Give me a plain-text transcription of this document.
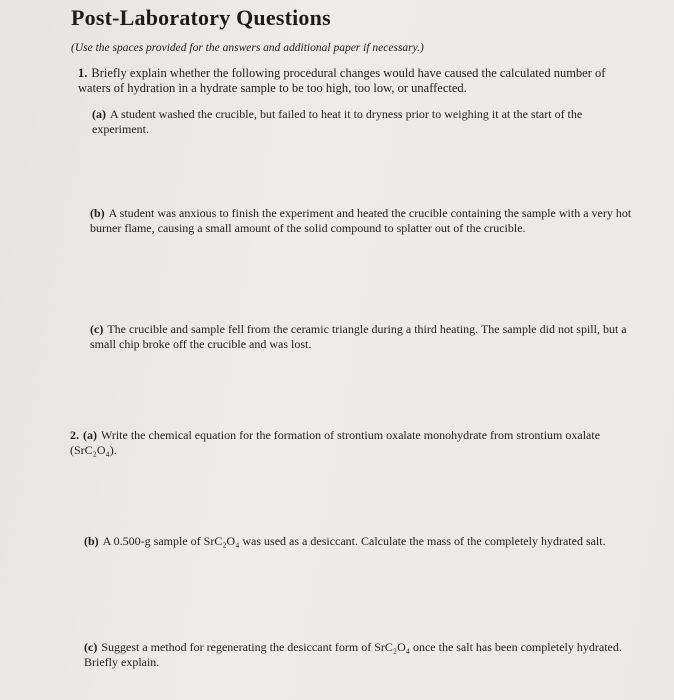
Post-Laboratory Questions

(Use the spaces provided for the answers and additional paper if necessary.)

1. Briefly explain whether the following procedural changes would have caused the calculated number of waters of hydration in a hydrate sample to be too high, too low, or unaffected.
(a) A student washed the crucible, but failed to heat it to dryness prior to weighing it at the start of the experiment.
(b) A student was anxious to finish the experiment and heated the crucible containing the sample with a very hot burner flame, causing a small amount of the solid compound to splatter out of the crucible.
(c) The crucible and sample fell from the ceramic triangle during a third heating. The sample did not spill, but a small chip broke off the crucible and was lost.
2. (a) Write the chemical equation for the formation of strontium oxalate monohydrate from strontium oxalate (SrC₂O₄).
(b) A 0.500-g sample of SrC₂O₄ was used as a desiccant. Calculate the mass of the completely hydrated salt.
(c) Suggest a method for regenerating the desiccant form of SrC₂O₄ once the salt has been completely hydrated. Briefly explain.
